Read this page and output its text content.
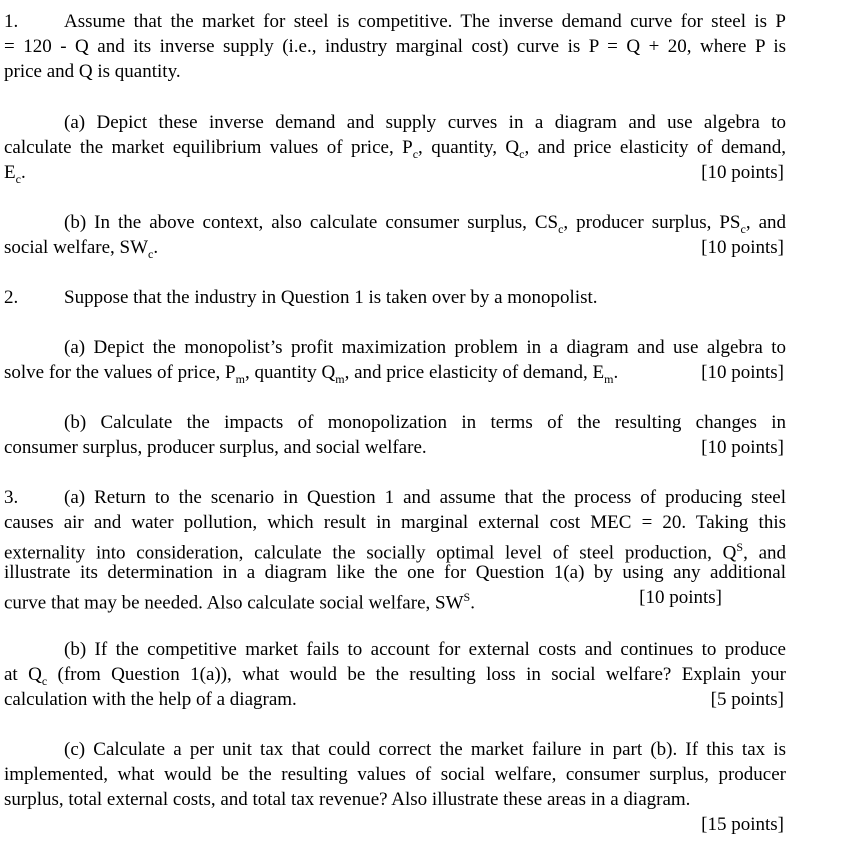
1. Assume that the market for steel is competitive. The inverse demand curve for steel is P
= 120 - Q and its inverse supply (i.e., industry marginal cost) curve is P = Q + 20, where P is
price and Q is quantity.
(a) Depict these inverse demand and supply curves in a diagram and use algebra to
calculate the market equilibrium values of price, $P_c$, quantity, $Q_c$, and price elasticity of demand,
$E_c$.	[10 points]
(b) In the above context, also calculate consumer surplus, $CS_c$, producer surplus, $PS_c$, and
social welfare, $SW_c$.	[10 points]
2. Suppose that the industry in Question 1 is taken over by a monopolist.
(a) Depict the monopolist’s profit maximization problem in a diagram and use algebra to
solve for the values of price, $P_m$, quantity $Q_m$, and price elasticity of demand, $E_m$.	[10 points]
(b) Calculate the impacts of monopolization in terms of the resulting changes in
consumer surplus, producer surplus, and social welfare.	[10 points]
3. (a) Return to the scenario in Question 1 and assume that the process of producing steel
causes air and water pollution, which result in marginal external cost MEC = 20. Taking this
externality into consideration, calculate the socially optimal level of steel production, $Q^S$, and
illustrate its determination in a diagram like the one for Question 1(a) by using any additional
curve that may be needed. Also calculate social welfare, $SW^S$.	[10 points]
(b) If the competitive market fails to account for external costs and continues to produce
at $Q_c$ (from Question 1(a)), what would be the resulting loss in social welfare? Explain your
calculation with the help of a diagram.	[5 points]
(c) Calculate a per unit tax that could correct the market failure in part (b). If this tax is
implemented, what would be the resulting values of social welfare, consumer surplus, producer
surplus, total external costs, and total tax revenue? Also illustrate these areas in a diagram.
[15 points]
